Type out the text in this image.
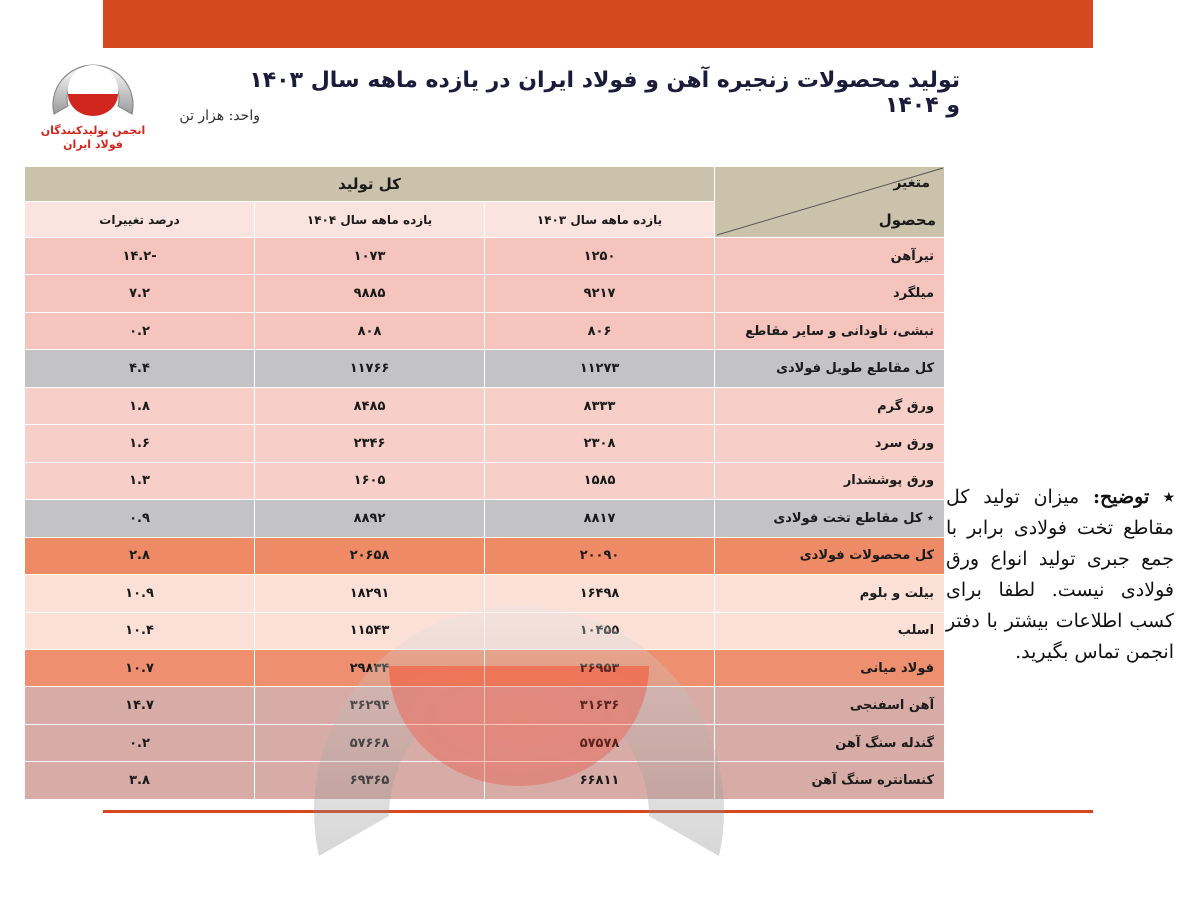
انجمن تولیدکنندگان
فولاد ایران
تولید محصولات زنجیره آهن و فولاد ایران در یازده ماهه سال ۱۴۰۳ و ۱۴۰۴
واحد: هزار تن
متغیر
محصول	کل تولید		
	یازده ماهه سال ۱۴۰۳	یازده ماهه سال ۱۴۰۴	درصد تغییرات
تیرآهن	۱۲۵۰	۱۰۷۳	-۱۴.۲
میلگرد	۹۲۱۷	۹۸۸۵	۷.۲
نبشی، ناودانی و سایر مقاطع	۸۰۶	۸۰۸	۰.۲
کل مقاطع طویل فولادی	۱۱۲۷۳	۱۱۷۶۶	۴.۴
ورق گرم	۸۳۳۳	۸۴۸۵	۱.۸
ورق سرد	۲۳۰۸	۲۳۴۶	۱.۶
ورق پوششدار	۱۵۸۵	۱۶۰۵	۱.۳
٭ کل مقاطع تخت فولادی	۸۸۱۷	۸۸۹۲	۰.۹
کل محصولات فولادی	۲۰۰۹۰	۲۰۶۵۸	۲.۸
بیلت و بلوم	۱۶۴۹۸	۱۸۲۹۱	۱۰.۹
اسلب	۱۰۴۵۵	۱۱۵۴۳	۱۰.۴
فولاد میانی	۲۶۹۵۳	۲۹۸۳۴	۱۰.۷
آهن اسفنجی	۳۱۶۳۶	۳۶۲۹۴	۱۴.۷
گندله سنگ آهن	۵۷۵۷۸	۵۷۶۶۸	۰.۲
کنسانتره سنگ آهن	۶۶۸۱۱	۶۹۳۶۵	۳.۸
٭ توضیح: میزان تولید کل مقاطع تخت فولادی برابر با جمع جبری تولید انواع ورق فولادی نیست. لطفا برای کسب اطلاعات بیشتر با دفتر انجمن تماس بگیرید.
